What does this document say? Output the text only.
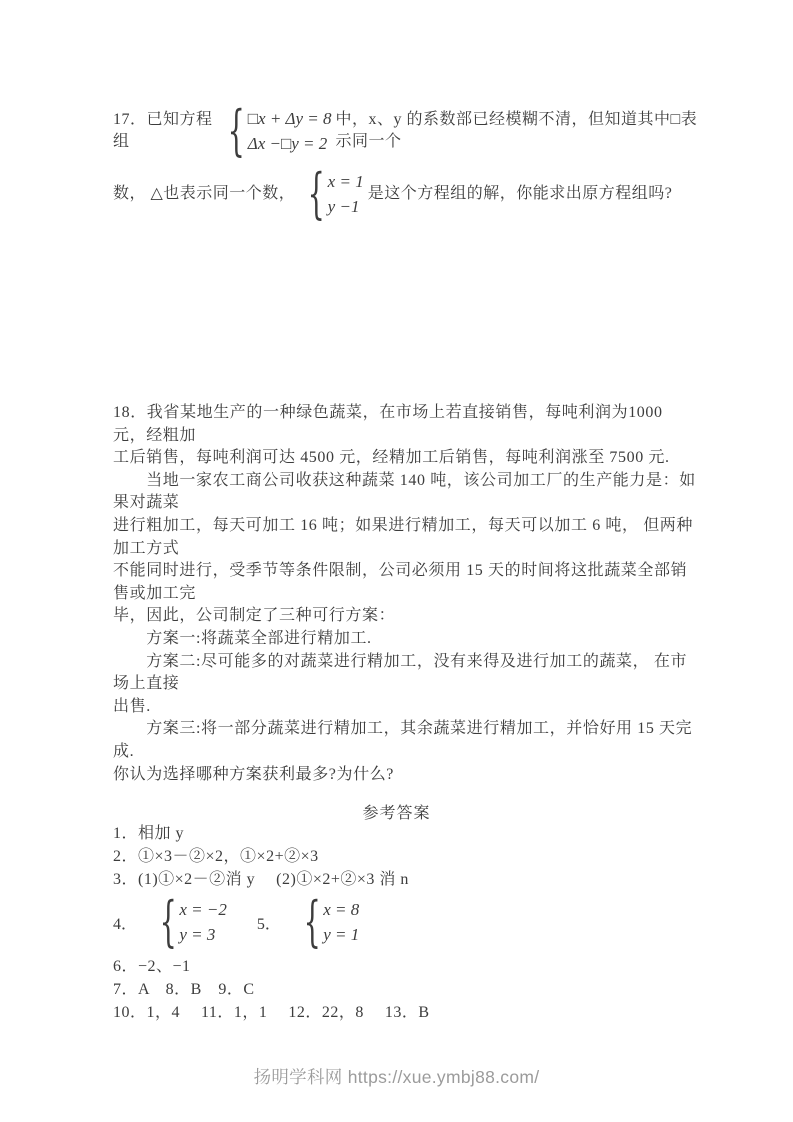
17．已知方程组	{ □x + Δy = 8
Δx −□y = 2
中，x、y 的系数部已经模糊不清，但知道其中□表示同一个
数， △也表示同一个数， { x = 1
y −1
是这个方程组的解，你能求出原方程组吗?
18．我省某地生产的一种绿色蔬菜，在市场上若直接销售，每吨利润为1000 元，经粗加
工后销售，每吨利润可达 4500 元，经精加工后销售，每吨利润涨至 7500 元.
　　当地一家农工商公司收获这种蔬菜 140 吨，该公司加工厂的生产能力是：如果对蔬菜
进行粗加工，每天可加工 16 吨；如果进行精加工，每天可以加工 6 吨， 但两种加工方式
不能同时进行，受季节等条件限制，公司必须用 15 天的时间将这批蔬菜全部销售或加工完
毕，因此，公司制定了三种可行方案：
　　方案一:将蔬菜全部进行精加工.
　　方案二:尽可能多的对蔬菜进行精加工，没有来得及进行加工的蔬菜， 在市场上直接
出售.
　　方案三:将一部分蔬菜进行精加工，其余蔬菜进行精加工，并恰好用 15 天完成.
你认为选择哪种方案获利最多?为什么?
参考答案
1．相加 y
2．①×3－②×2，①×2+②×3
3．(1)①×2－②消 y　 (2)①×2+②×3 消 n
4． { x = −2
y = 3
5． { x = 8
y = 1
6．−2、−1
7．A　8．B　9．C
10．1，4　 11．1，1　 12．22，8　 13．B
扬明学科网 https://xue.ymbj88.com/
